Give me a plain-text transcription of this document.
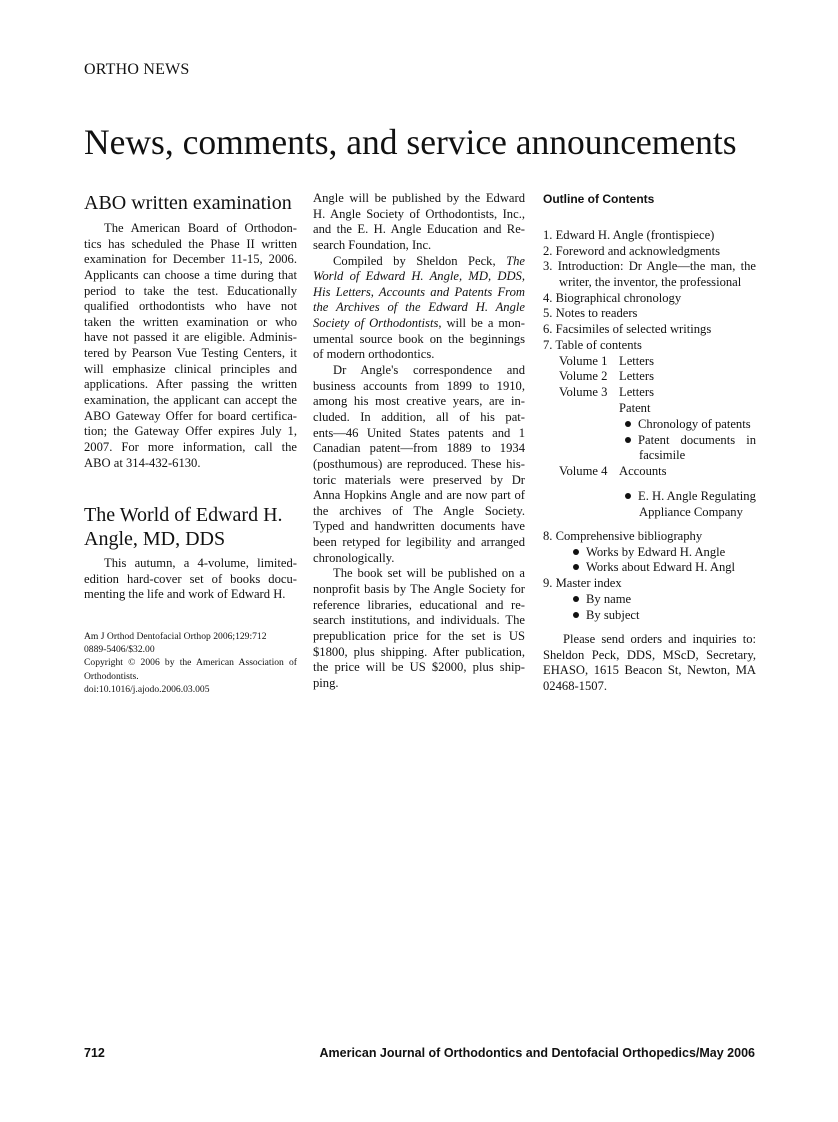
ORTHO NEWS
News, comments, and service announcements
ABO written examination
The American Board of Orthodon-
tics has scheduled the Phase II written
examination for December 11-15, 2006.
Applicants can choose a time during that
period to take the test. Educationally
qualified orthodontists who have not
taken the written examination or who
have not passed it are eligible. Adminis-
tered by Pearson Vue Testing Centers, it
will emphasize clinical principles and
applications. After passing the written
examination, the applicant can accept the
ABO Gateway Offer for board certifica-
tion; the Gateway Offer expires July 1,
2007. For more information, call the
ABO at 314-432-6130.
The World of Edward H.
Angle, MD, DDS
This autumn, a 4-volume, limited-
edition hard-cover set of books docu-
menting the life and work of Edward H.
Am J Orthod Dentofacial Orthop 2006;129:712
0889-5406/$32.00
Copyright © 2006 by the American Association of
Orthodontists.
doi:10.1016/j.ajodo.2006.03.005
Angle will be published by the Edward
H. Angle Society of Orthodontists, Inc.,
and the E. H. Angle Education and Re-
search Foundation, Inc.
Compiled by Sheldon Peck, The
World of Edward H. Angle, MD, DDS,
His Letters, Accounts and Patents From
the Archives of the Edward H. Angle
Society of Orthodontists, will be a mon-
umental source book on the beginnings
of modern orthodontics.
Dr Angle's correspondence and
business accounts from 1899 to 1910,
among his most creative years, are in-
cluded. In addition, all of his pat-
ents—46 United States patents and 1
Canadian patent—from 1889 to 1934
(posthumous) are reproduced. These his-
toric materials were preserved by Dr
Anna Hopkins Angle and are now part of
the archives of The Angle Society.
Typed and handwritten documents have
been retyped for legibility and arranged
chronologically.
The book set will be published on a
nonprofit basis by The Angle Society for
reference libraries, educational and re-
search institutions, and individuals. The
prepublication price for the set is US
$1800, plus shipping. After publication,
the price will be US $2000, plus ship-
ping.
Outline of Contents
1. Edward H. Angle (frontispiece)
2. Foreword and acknowledgments
3. Introduction: Dr Angle—the man, the
writer, the inventor, the professional
4. Biographical chronology
5. Notes to readers
6. Facsimiles of selected writings
7. Table of contents
Volume 1 Letters
Volume 2 Letters
Volume 3 Letters
Patent
Chronology of patents
Patent documents in
facsimile
Volume 4 Accounts
E. H. Angle Regulating
Appliance Company
8. Comprehensive bibliography
Works by Edward H. Angle
Works about Edward H. Angl
9. Master index
By name
By subject
Please send orders and inquiries to:
Sheldon Peck, DDS, MScD, Secretary,
EHASO, 1615 Beacon St, Newton, MA
02468-1507.
712	American Journal of Orthodontics and Dentofacial Orthopedics/May 2006
